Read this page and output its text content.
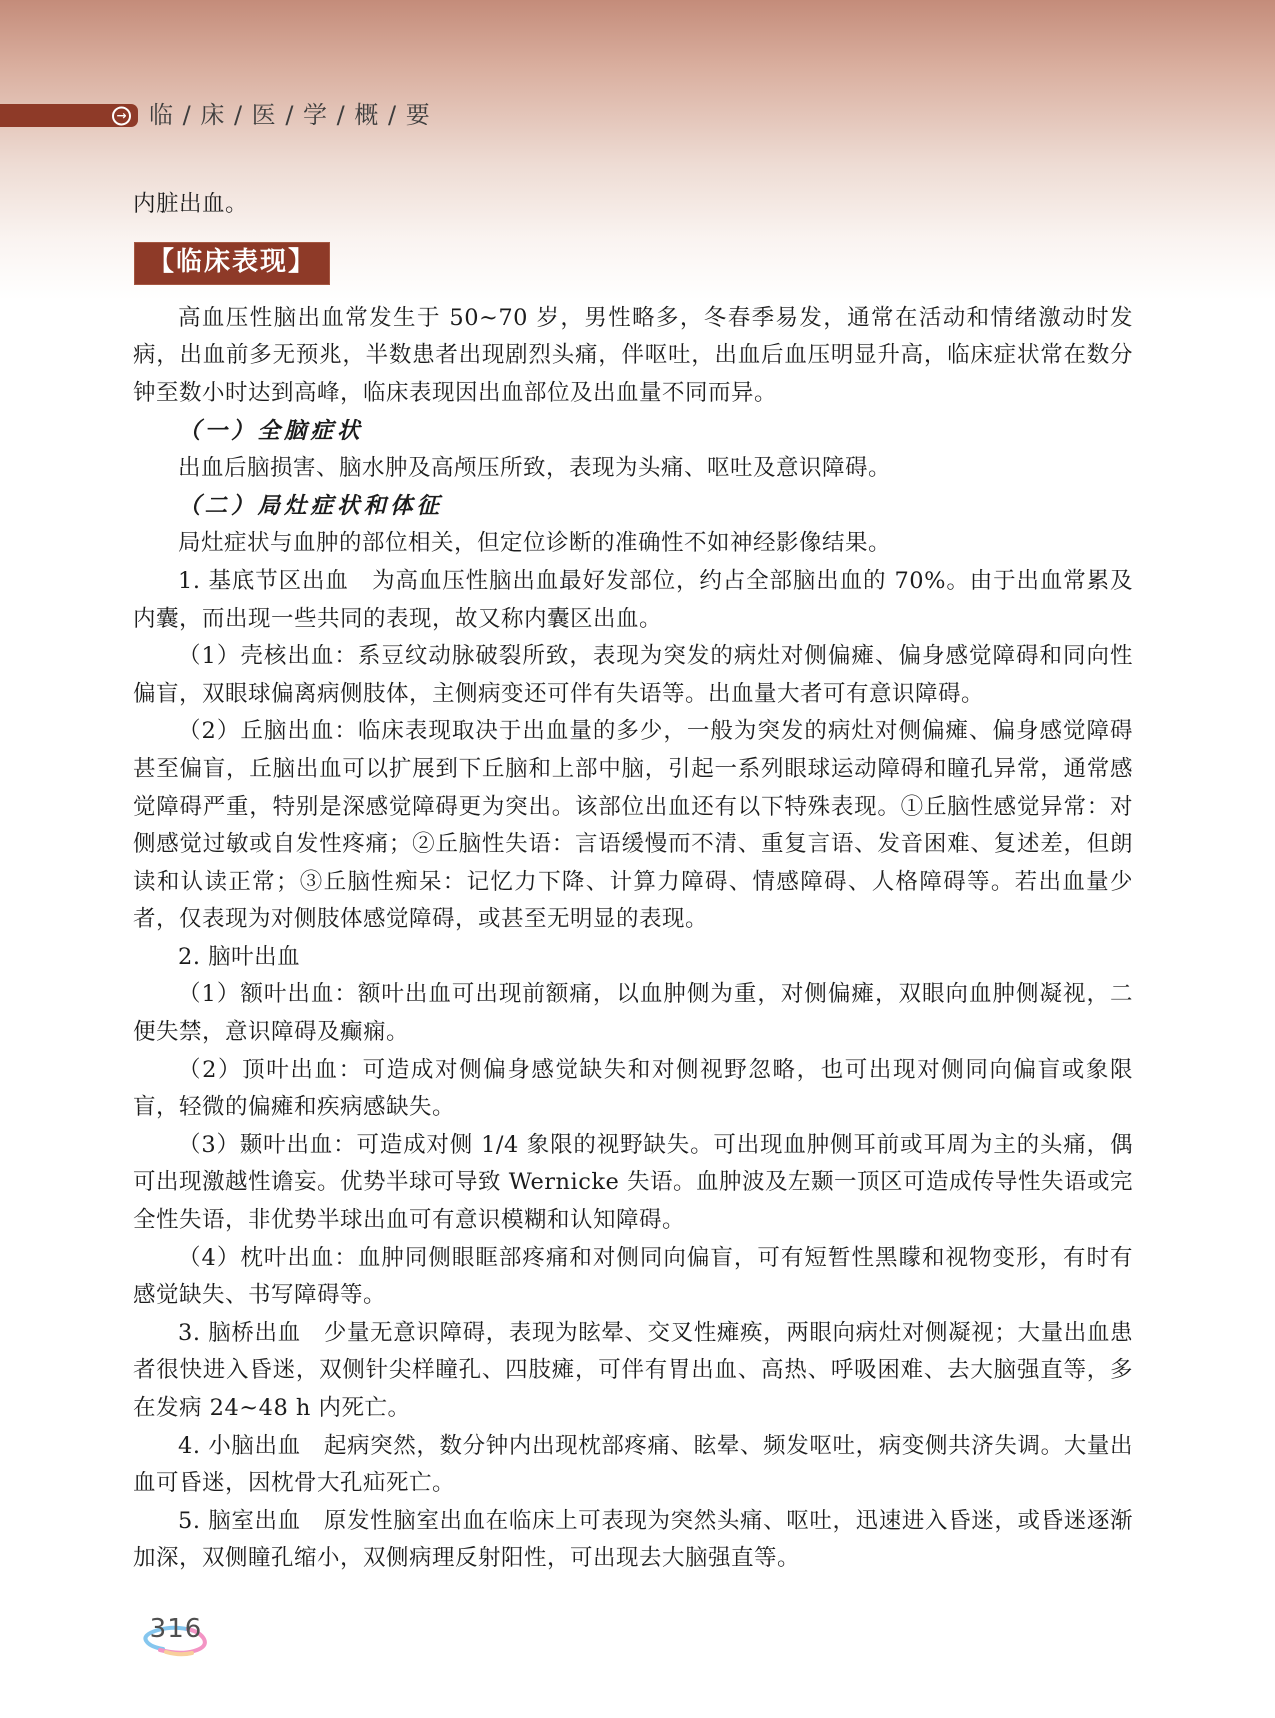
→ 临 / 床 / 医 / 学 / 概 / 要

内脏出血。

【临床表现】

高血压性脑出血常发生于 50~70 岁，男性略多，冬春季易发，通常在活动和情绪激动时发病，出血前多无预兆，半数患者出现剧烈头痛，伴呕吐，出血后血压明显升高，临床症状常在数分钟至数小时达到高峰，临床表现因出血部位及出血量不同而异。

（一）全脑症状

出血后脑损害、脑水肿及高颅压所致，表现为头痛、呕吐及意识障碍。

（二）局灶症状和体征

局灶症状与血肿的部位相关，但定位诊断的准确性不如神经影像结果。

1. 基底节区出血　为高血压性脑出血最好发部位，约占全部脑出血的 70%。由于出血常累及内囊，而出现一些共同的表现，故又称内囊区出血。

（1）壳核出血：系豆纹动脉破裂所致，表现为突发的病灶对侧偏瘫、偏身感觉障碍和同向性偏盲，双眼球偏离病侧肢体，主侧病变还可伴有失语等。出血量大者可有意识障碍。

（2）丘脑出血：临床表现取决于出血量的多少，一般为突发的病灶对侧偏瘫、偏身感觉障碍甚至偏盲，丘脑出血可以扩展到下丘脑和上部中脑，引起一系列眼球运动障碍和瞳孔异常，通常感觉障碍严重，特别是深感觉障碍更为突出。该部位出血还有以下特殊表现。①丘脑性感觉异常：对侧感觉过敏或自发性疼痛；②丘脑性失语：言语缓慢而不清、重复言语、发音困难、复述差，但朗读和认读正常；③丘脑性痴呆：记忆力下降、计算力障碍、情感障碍、人格障碍等。若出血量少者，仅表现为对侧肢体感觉障碍，或甚至无明显的表现。

2. 脑叶出血

（1）额叶出血：额叶出血可出现前额痛，以血肿侧为重，对侧偏瘫，双眼向血肿侧凝视，二便失禁，意识障碍及癫痫。

（2）顶叶出血：可造成对侧偏身感觉缺失和对侧视野忽略，也可出现对侧同向偏盲或象限盲，轻微的偏瘫和疾病感缺失。

（3）颞叶出血：可造成对侧 1/4 象限的视野缺失。可出现血肿侧耳前或耳周为主的头痛，偶可出现激越性谵妄。优势半球可导致 Wernicke 失语。血肿波及左颞一顶区可造成传导性失语或完全性失语，非优势半球出血可有意识模糊和认知障碍。

（4）枕叶出血：血肿同侧眼眶部疼痛和对侧同向偏盲，可有短暂性黑矇和视物变形，有时有感觉缺失、书写障碍等。

3. 脑桥出血　少量无意识障碍，表现为眩晕、交叉性瘫痪，两眼向病灶对侧凝视；大量出血患者很快进入昏迷，双侧针尖样瞳孔、四肢瘫，可伴有胃出血、高热、呼吸困难、去大脑强直等，多在发病 24~48 h 内死亡。

4. 小脑出血　起病突然，数分钟内出现枕部疼痛、眩晕、频发呕吐，病变侧共济失调。大量出血可昏迷，因枕骨大孔疝死亡。

5. 脑室出血　原发性脑室出血在临床上可表现为突然头痛、呕吐，迅速进入昏迷，或昏迷逐渐加深，双侧瞳孔缩小，双侧病理反射阳性，可出现去大脑强直等。

316
